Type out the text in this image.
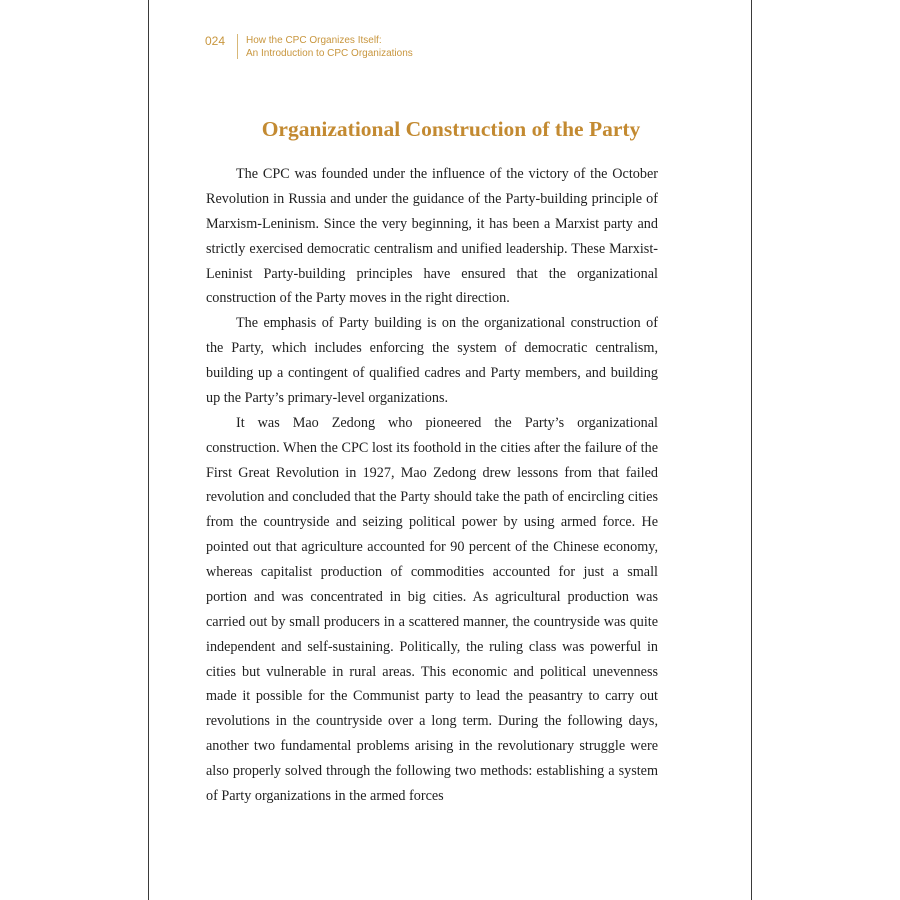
024	How the CPC Organizes Itself:
An Introduction to CPC Organizations
Organizational Construction of the Party

The CPC was founded under the influence of the victory of the October Revolution in Russia and under the guidance of the Party-building principle of Marxism-Leninism. Since the very beginning, it has been a Marxist party and strictly exercised democratic centralism and unified leadership. These Marxist-Leninist Party-building principles have ensured that the organizational construction of the Party moves in the right direction.

The emphasis of Party building is on the organizational construction of the Party, which includes enforcing the system of democratic centralism, building up a contingent of qualified cadres and Party members, and building up the Party’s primary-level organizations.

It was Mao Zedong who pioneered the Party’s organizational construction. When the CPC lost its foothold in the cities after the failure of the First Great Revolution in 1927, Mao Zedong drew lessons from that failed revolution and concluded that the Party should take the path of encircling cities from the countryside and seizing political power by using armed force. He pointed out that agriculture accounted for 90 percent of the Chinese economy, whereas capitalist production of commodities accounted for just a small portion and was concentrated in big cities. As agricultural production was carried out by small producers in a scattered manner, the countryside was quite independent and self-sustaining. Politically, the ruling class was powerful in cities but vulnerable in rural areas. This economic and political unevenness made it possible for the Communist party to lead the peasantry to carry out revolutions in the countryside over a long term. During the following days, another two fundamental problems arising in the revolutionary struggle were also properly solved through the following two methods: establishing a system of Party organizations in the armed forces
